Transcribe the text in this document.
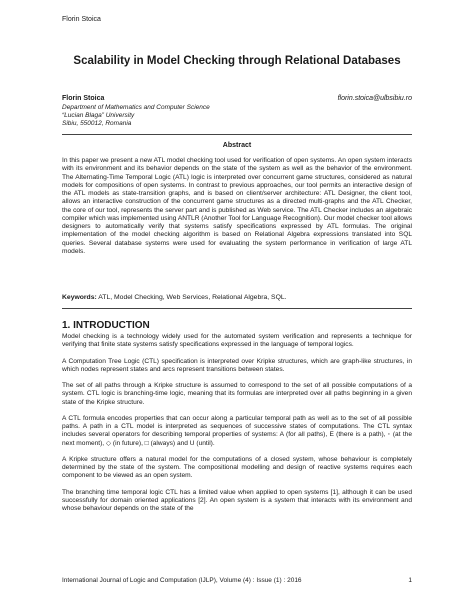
Florin Stoica
Scalability in Model Checking through Relational Databases
Florin Stoica	florin.stoica@ulbsibiu.ro
Department of Mathematics and Computer Science
“Lucian Blaga” University
Sibiu, 550012, Romania
Abstract

In this paper we present a new ATL model checking tool used for verification of open systems. An open system interacts with its environment and its behavior depends on the state of the system as well as the behavior of the environment. The Alternating-Time Temporal Logic (ATL) logic is interpreted over concurrent game structures, considered as natural models for compositions of open systems. In contrast to previous approaches, our tool permits an interactive design of the ATL models as state-transition graphs, and is based on client/server architecture: ATL Designer, the client tool, allows an interactive construction of the concurrent game structures as a directed multi-graphs and the ATL Checker, the core of our tool, represents the server part and is published as Web service. The ATL Checker includes an algebraic compiler which was implemented using ANTLR (Another Tool for Language Recognition). Our model checker tool allows designers to automatically verify that systems satisfy specifications expressed by ATL formulas. The original implementation of the model checking algorithm is based on Relational Algebra expressions translated into SQL queries. Several database systems were used for evaluating the system performance in verification of large ATL models.

Keywords: ATL, Model Checking, Web Services, Relational Algebra, SQL.
1. INTRODUCTION

Model checking is a technology widely used for the automated system verification and represents a technique for verifying that finite state systems satisfy specifications expressed in the language of temporal logics.

A Computation Tree Logic (CTL) specification is interpreted over Kripke structures, which are graph-like structures, in which nodes represent states and arcs represent transitions between states.

The set of all paths through a Kripke structure is assumed to correspond to the set of all possible computations of a system. CTL logic is branching-time logic, meaning that its formulas are interpreted over all paths beginning in a given state of the Kripke structure.

A CTL formula encodes properties that can occur along a particular temporal path as well as to the set of all possible paths. A path in a CTL model is interpreted as sequences of successive states of computations. The CTL syntax includes several operators for describing temporal properties of systems: A (for all paths), E (there is a path), ◦ (at the next moment), ◇ (in future), □ (always) and U (until).

A Kripke structure offers a natural model for the computations of a closed system, whose behaviour is completely determined by the state of the system. The compositional modelling and design of reactive systems requires each component to be viewed as an open system.

The branching time temporal logic CTL has a limited value when applied to open systems [1], although it can be used successfully for domain oriented applications [2]. An open system is a system that interacts with its environment and whose behaviour depends on the state of the

International Journal of Logic and Computation (IJLP), Volume (4) : Issue (1) : 2016	1
